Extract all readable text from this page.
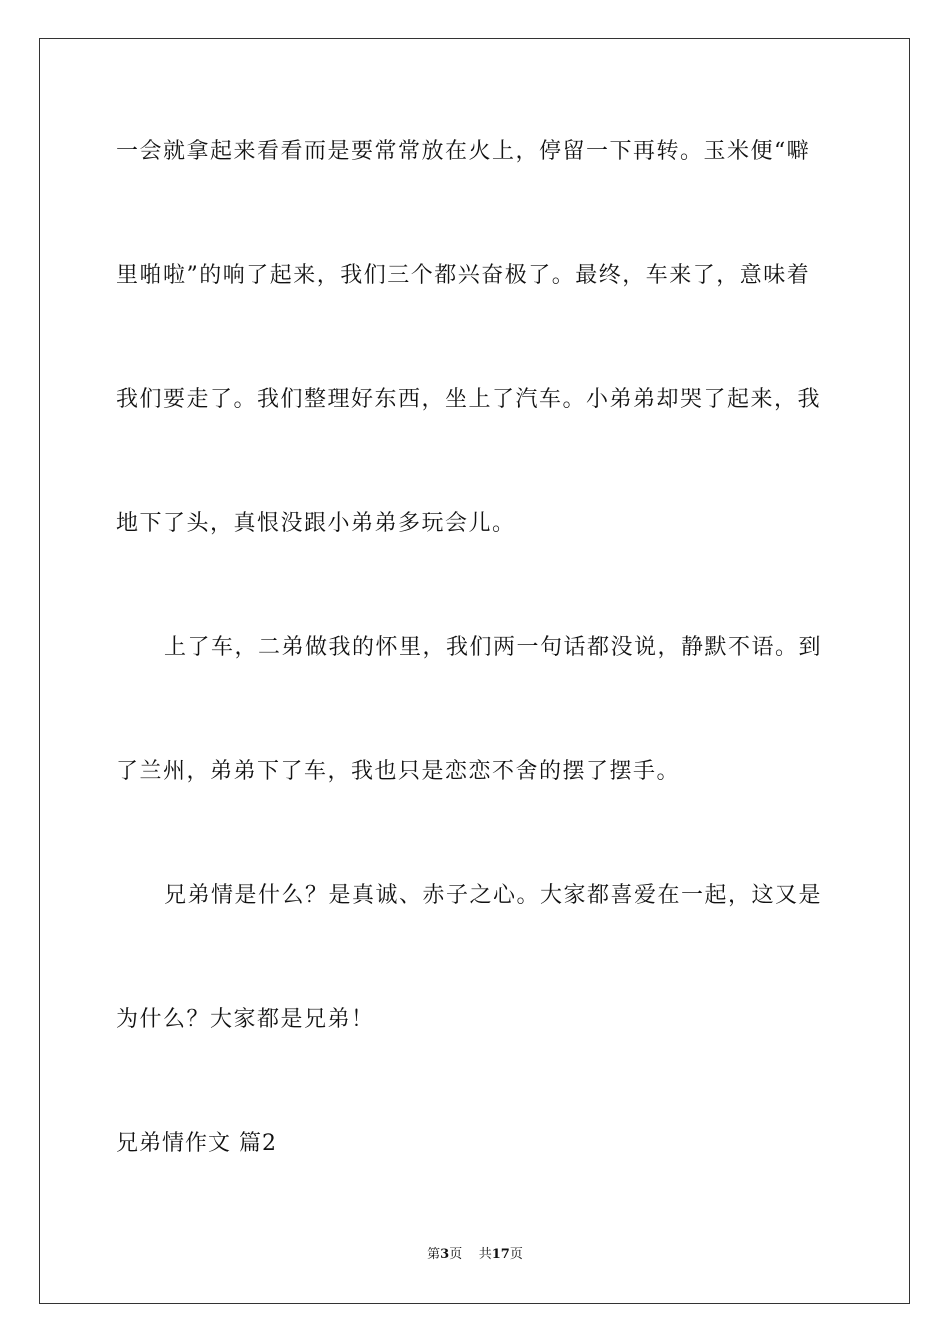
一会就拿起来看看而是要常常放在火上，停留一下再转。玉米便“噼
里啪啦”的响了起来，我们三个都兴奋极了。最终，车来了，意味着
我们要走了。我们整理好东西，坐上了汽车。小弟弟却哭了起来，我
地下了头，真恨没跟小弟弟多玩会儿。
上了车，二弟做我的怀里，我们两一句话都没说，静默不语。到
了兰州，弟弟下了车，我也只是恋恋不舍的摆了摆手。
兄弟情是什么？是真诚、赤子之心。大家都喜爱在一起，这又是
为什么？大家都是兄弟！
兄弟情作文 篇2
第3页 共17页
